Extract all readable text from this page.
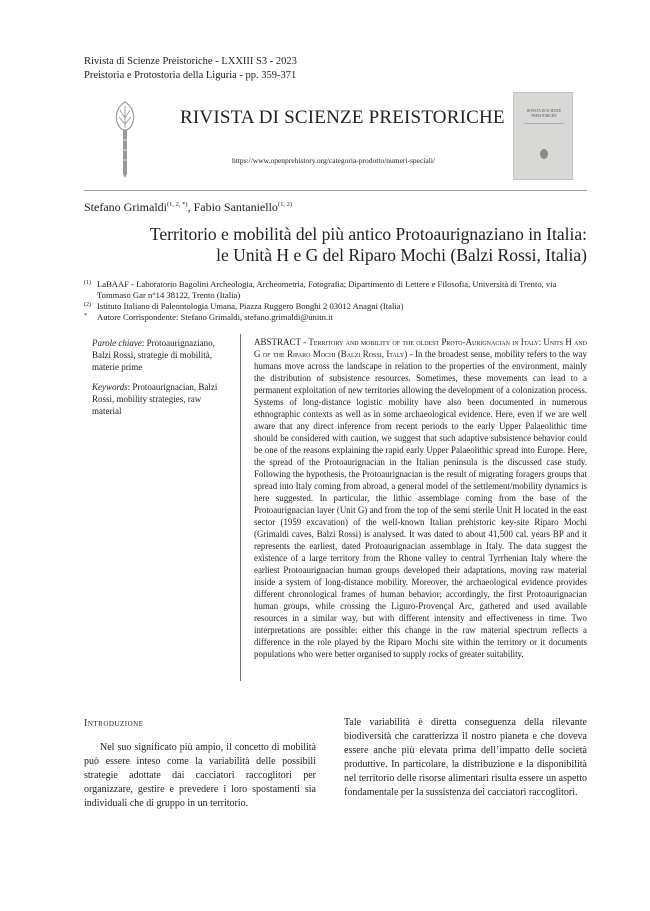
Rivista di Scienze Preistoriche - LXXIII S3 - 2023
Preistoria e Protostoria della Liguria - pp. 359-371
RIVISTA DI SCIENZE PREISTORICHE
https://www.openprehistory.org/categoria-prodotto/numeri-speciali/
RIVISTA DI SCIENZE
PREISTORICHE
Stefano Grimaldi$^{(1, 2, *)}$, Fabio Santaniello$^{(1, 2)}$
Territorio e mobilità del più antico Protoaurignaziano in Italia:
le Unità H e G del Riparo Mochi (Balzi Rossi, Italia)
(1) LaBAAF - Laboratorio Bagolini Archeologia, Archeometria, Fotografia; Dipartimento di Lettere e Filosofia, Università di Trento, via Tommaso Gar n°14 38122, Trento (Italia)
(2) Istituto Italiano di Paleontologia Umana, Piazza Ruggero Bonghi 2 03012 Anagni (Italia)
* Autore Corrispondente: Stefano Grimaldi, stefano.grimaldi@unitn.it

Parole chiave: Protoaurignaziano, Balzi Rossi, strategie di mobilità, materie prime

Keywords: Protoaurignacian, Balzi Rossi, mobility strategies, raw material

ABSTRACT - Territory and mobility of the oldest Proto-Aurignacian in Italy: Units H and G of the Riparo Mochi (Balzi Rossi, Italy) - In the broadest sense, mobility refers to the way humans move across the landscape in relation to the properties of the environment, mainly the distribution of subsistence resources. Sometimes, these movements can lead to a permanent exploitation of new territories allowing the development of a colonization process. Systems of long-distance logistic mobility have also been documented in numerous ethnographic contexts as well as in some archaeological evidence. Here, even if we are well aware that any direct inference from recent periods to the early Upper Palaeolithic time should be considered with caution, we suggest that such adaptive subsistence behavior could be one of the reasons explaining the rapid early Upper Palaeolithic spread into Europe. Here, the spread of the Protoaurignacian in the Italian peninsula is the discussed case study. Following the hypothesis, the Protoaurignacian is the result of migrating foragers groups that spread into Italy coming from abroad, a general model of the settlement/mobility dynamics is here suggested. In particular, the lithic assemblage coming from the base of the Protoaurignacian layer (Unit G) and from the top of the semi sterile Unit H located in the east sector (1959 excavation) of the well-known Italian prehistoric key-site Riparo Mochi (Grimaldi caves, Balzi Rossi) is analysed. It was dated to about 41,500 cal. years BP and it represents the earliest, dated Protoaurignacian assemblage in Italy. The data suggest the existence of a large territory from the Rhone valley to central Tyrrhenian Italy where the earliest Protoaurignacian human groups developed their adaptations, moving raw material inside a system of long-distance mobility. Moreover, the archaeological evidence provides different chronological frames of human behavior; accordingly, the first Protoaurignacian human groups, while crossing the Liguro-Provençal Arc, gathered and used available resources in a similar way, but with different intensity and effectiveness in time. Two interpretations are possible: either this change in the raw material spectrum reflects a difference in the role played by the Riparo Mochi site within the territory or it documents populations who were better organised to supply rocks of greater suitability.
Introduzione
Nel suo significato più ampio, il concetto di mobilità può essere inteso come la variabilità delle possibili strategie adottate dai cacciatori raccoglitori per organizzare, gestire e prevedere i loro spostamenti sia individuali che di gruppo in un territorio.
Tale variabilità è diretta conseguenza della rilevante biodiversità che caratterizza il nostro pianeta e che doveva essere anche più elevata prima dell’impatto delle società produttive. In particolare, la distribuzione e la disponibilità nel territorio delle risorse alimentari risulta essere un aspetto fondamentale per la sussistenza dei cacciatori raccoglitori.
